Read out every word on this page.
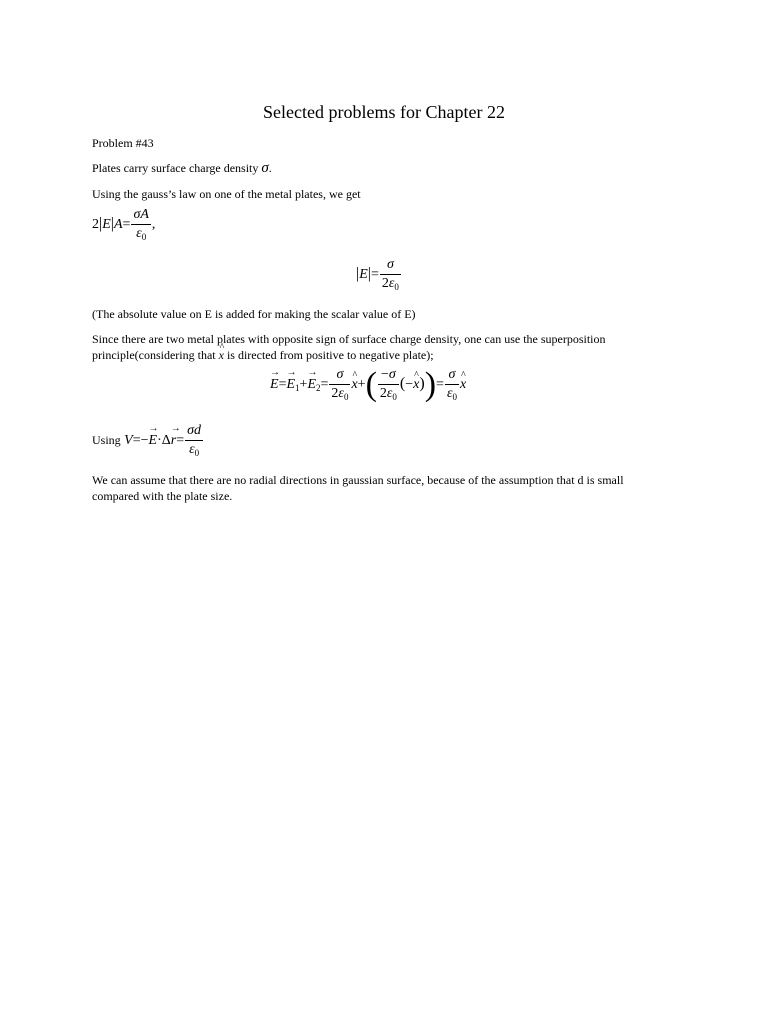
Selected problems for Chapter 22
Problem #43
Plates carry surface charge density σ.
Using the gauss’s law on one of the metal plates, we get
$2|E|A= \frac{\sigma A}{\varepsilon_0}$ ,
$|E|= \frac{\sigma}{2\varepsilon_0}$
(The absolute value on E is added for making the scalar value of E)
Since there are two metal plates with opposite sign of surface charge density, one can use the superposition
principle(considering that ^ x is directed from positive to negative plate);
→ $E=\to E_1+\to E_2= \frac{\sigma}{2\varepsilon_0}$ ^ $x+( \frac{-\sigma}{2\varepsilon_0}$ (−^ $x))= \frac{\sigma}{\varepsilon_0}$ ^ x
Using $V=-\to E\cdot\Delta\to r= \frac{\sigma d}{\varepsilon_0}$
We can assume that there are no radial directions in gaussian surface, because of the assumption that d is small
compared with the plate size.
